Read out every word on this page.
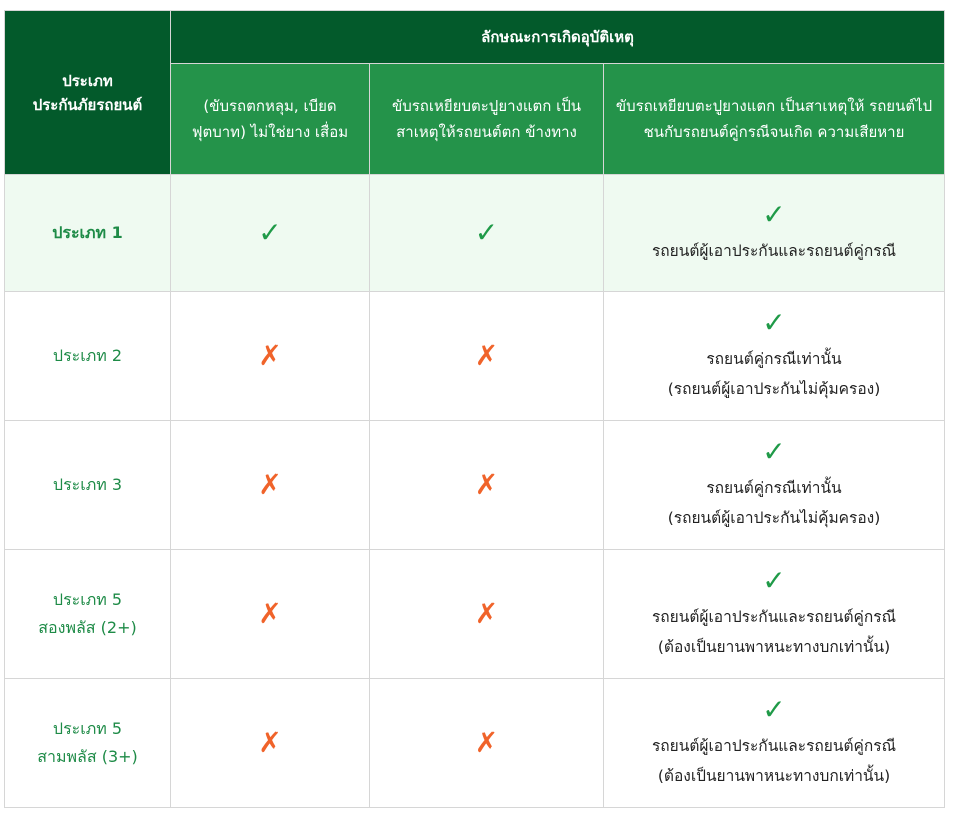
ประเภท
ประกันภัยรถยนต์	ลักษณะการเกิดอุบัติเหตุ		
	(ขับรถตกหลุม, เบียด ฟุตบาท) ไม่ใช่ยาง เสื่อม	ขับรถเหยียบตะปูยางแตก เป็นสาเหตุให้รถยนต์ตก ข้างทาง	ขับรถเหยียบตะปูยางแตก เป็นสาเหตุให้ รถยนต์ไปชนกับรถยนต์คู่กรณีจนเกิด ความเสียหาย
ประเภท 1	✓	✓	✓
รถยนต์ผู้เอาประกันและรถยนต์คู่กรณี

ประเภท 2	✗	✗	✓
รถยนต์คู่กรณีเท่านั้น
(รถยนต์ผู้เอาประกันไม่คุ้มครอง)

ประเภท 3	✗	✗	✓
รถยนต์คู่กรณีเท่านั้น
(รถยนต์ผู้เอาประกันไม่คุ้มครอง)

ประเภท 5
สองพลัส (2+)	✗	✗	✓
รถยนต์ผู้เอาประกันและรถยนต์คู่กรณี
(ต้องเป็นยานพาหนะทางบกเท่านั้น)

ประเภท 5
สามพลัส (3+)	✗	✗	✓
รถยนต์ผู้เอาประกันและรถยนต์คู่กรณี
(ต้องเป็นยานพาหนะทางบกเท่านั้น)
